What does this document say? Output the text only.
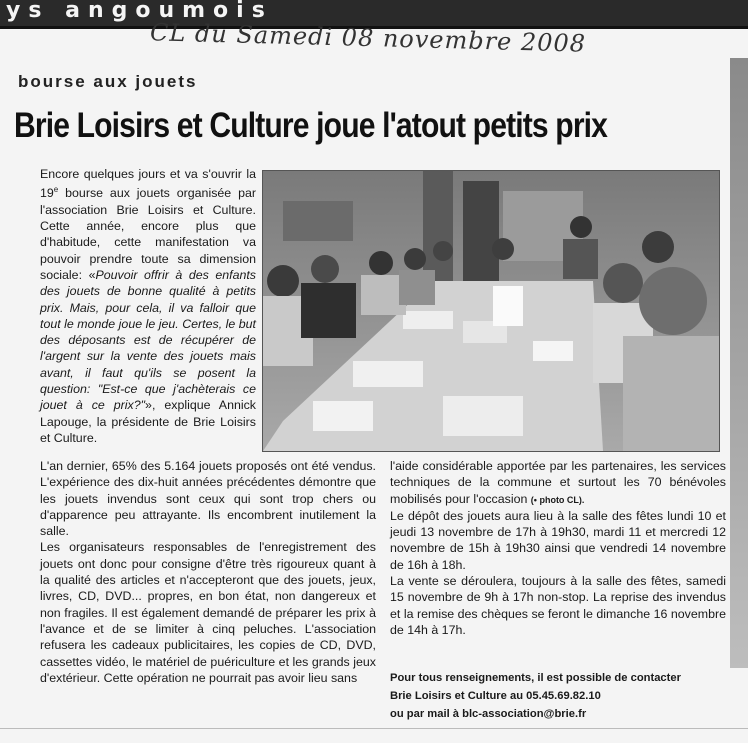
ys angoumois
CL du Samedi 08 novembre 2008
bourse aux jouets
Brie Loisirs et Culture joue l'atout petits prix

Encore quelques jours et va s'ouvrir la 19e bourse aux jouets organisée par l'association Brie Loisirs et Culture. Cette année, encore plus que d'habitude, cette manifestation va pouvoir prendre toute sa dimension sociale: «Pouvoir offrir à des enfants des jouets de bonne qualité à petits prix. Mais, pour cela, il va falloir que tout le monde joue le jeu. Certes, le but des déposants est de récupérer de l'argent sur la vente des jouets mais avant, il faut qu'ils se posent la question: "Est-ce que j'achèterais ce jouet à ce prix?"», explique Annick Lapouge, la présidente de Brie Loisirs et Culture.

L'an dernier, 65% des 5.164 jouets proposés ont été vendus. L'expérience des dix-huit années précédentes démontre que les jouets invendus sont ceux qui sont trop chers ou d'apparence peu attrayante. Ils encombrent inutilement la salle.

Les organisateurs responsables de l'enregistrement des jouets ont donc pour consigne d'être très rigoureux quant à la qualité des articles et n'accepteront que des jouets, jeux, livres, CD, DVD... propres, en bon état, non dangereux et non fragiles. Il est également demandé de préparer les prix à l'avance et de se limiter à cinq peluches. L'association refusera les cadeaux publicitaires, les copies de CD, DVD, cassettes vidéo, le matériel de puériculture et les grands jeux d'extérieur. Cette opération ne pourrait pas avoir lieu sans

l'aide considérable apportée par les partenaires, les services techniques de la commune et surtout les 70 bénévoles mobilisés pour l'occasion (• photo CL).

Le dépôt des jouets aura lieu à la salle des fêtes lundi 10 et jeudi 13 novembre de 17h à 19h30, mardi 11 et mercredi 12 novembre de 15h à 19h30 ainsi que vendredi 14 novembre de 16h à 18h.

La vente se déroulera, toujours à la salle des fêtes, samedi 15 novembre de 9h à 17h non-stop. La reprise des invendus et la remise des chèques se feront le dimanche 16 novembre de 14h à 17h.

Pour tous renseignements, il est possible de contacter
Brie Loisirs et Culture au 05.45.69.82.10
ou par mail à blc-association@brie.fr
